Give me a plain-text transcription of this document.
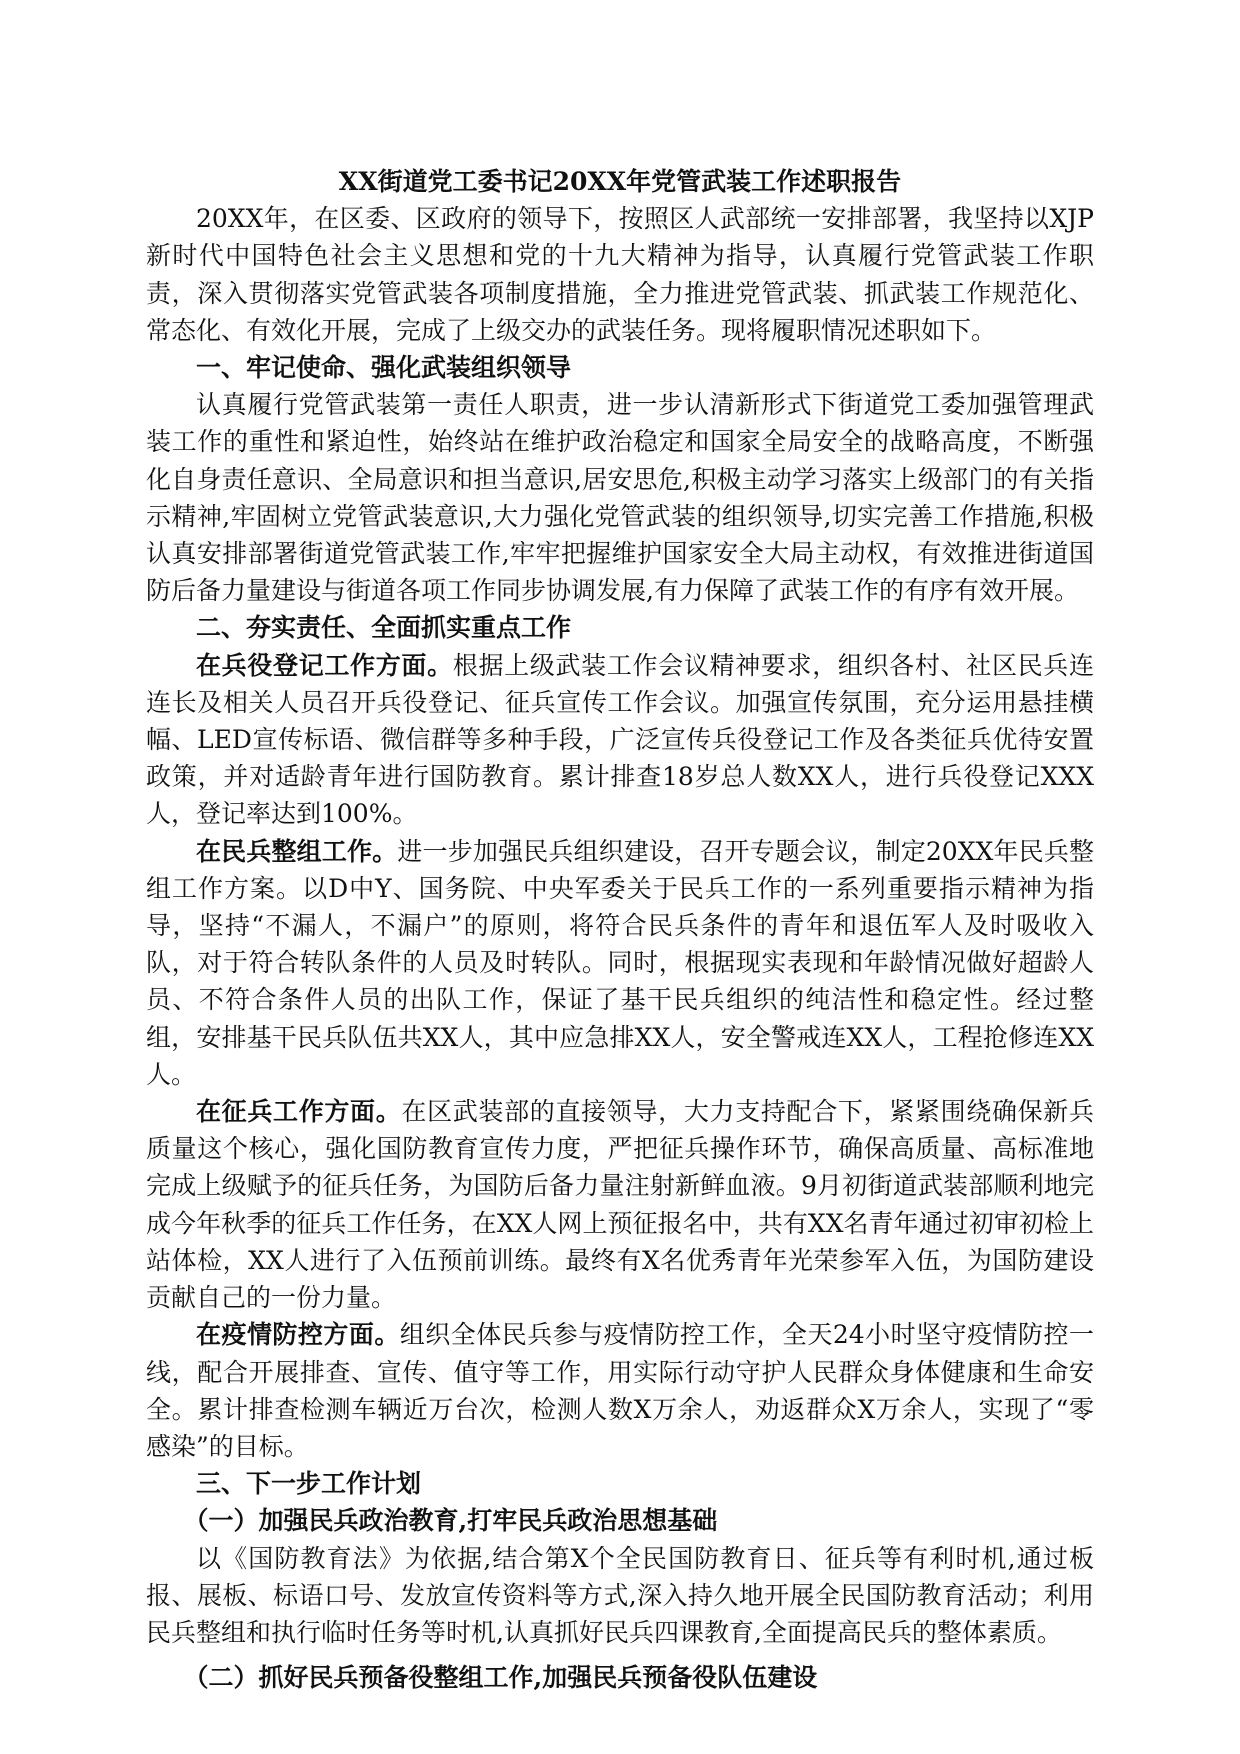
XX街道党工委书记20XX年党管武装工作述职报告

20XX年，在区委、区政府的领导下，按照区人武部统一安排部署，我坚持以XJP新时代中国特色社会主义思想和党的十九大精神为指导，认真履行党管武装工作职责，深入贯彻落实党管武装各项制度措施，全力推进党管武装、抓武装工作规范化、常态化、有效化开展，完成了上级交办的武装任务。现将履职情况述职如下。

一、牢记使命、强化武装组织领导

认真履行党管武装第一责任人职责，进一步认清新形式下街道党工委加强管理武装工作的重性和紧迫性，始终站在维护政治稳定和国家全局安全的战略高度，不断强化自身责任意识、全局意识和担当意识,居安思危,积极主动学习落实上级部门的有关指示精神,牢固树立党管武装意识,大力强化党管武装的组织领导,切实完善工作措施,积极认真安排部署街道党管武装工作,牢牢把握维护国家安全大局主动权，有效推进街道国防后备力量建设与街道各项工作同步协调发展,有力保障了武装工作的有序有效开展。

二、夯实责任、全面抓实重点工作

在兵役登记工作方面。根据上级武装工作会议精神要求，组织各村、社区民兵连连长及相关人员召开兵役登记、征兵宣传工作会议。加强宣传氛围，充分运用悬挂横幅、LED宣传标语、微信群等多种手段，广泛宣传兵役登记工作及各类征兵优待安置政策，并对适龄青年进行国防教育。累计排查18岁总人数XX人，进行兵役登记XXX人，登记率达到100%。

在民兵整组工作。进一步加强民兵组织建设，召开专题会议，制定20XX年民兵整组工作方案。以D中Y、国务院、中央军委关于民兵工作的一系列重要指示精神为指导，坚持“不漏人，不漏户”的原则，将符合民兵条件的青年和退伍军人及时吸收入队，对于符合转队条件的人员及时转队。同时，根据现实表现和年龄情况做好超龄人员、不符合条件人员的出队工作，保证了基干民兵组织的纯洁性和稳定性。经过整组，安排基干民兵队伍共XX人，其中应急排XX人，安全警戒连XX人，工程抢修连XX人。

在征兵工作方面。在区武装部的直接领导，大力支持配合下，紧紧围绕确保新兵质量这个核心，强化国防教育宣传力度，严把征兵操作环节，确保高质量、高标准地完成上级赋予的征兵任务，为国防后备力量注射新鲜血液。9月初街道武装部顺利地完成今年秋季的征兵工作任务，在XX人网上预征报名中，共有XX名青年通过初审初检上站体检，XX人进行了入伍预前训练。最终有X名优秀青年光荣参军入伍，为国防建设贡献自己的一份力量。

在疫情防控方面。组织全体民兵参与疫情防控工作，全天24小时坚守疫情防控一线，配合开展排查、宣传、值守等工作，用实际行动守护人民群众身体健康和生命安全。累计排查检测车辆近万台次，检测人数X万余人，劝返群众X万余人，实现了“零感染”的目标。

三、下一步工作计划

（一）加强民兵政治教育,打牢民兵政治思想基础

以《国防教育法》为依据,结合第X个全民国防教育日、征兵等有利时机,通过板报、展板、标语口号、发放宣传资料等方式,深入持久地开展全民国防教育活动；利用民兵整组和执行临时任务等时机,认真抓好民兵四课教育,全面提高民兵的整体素质。

（二）抓好民兵预备役整组工作,加强民兵预备役队伍建设
